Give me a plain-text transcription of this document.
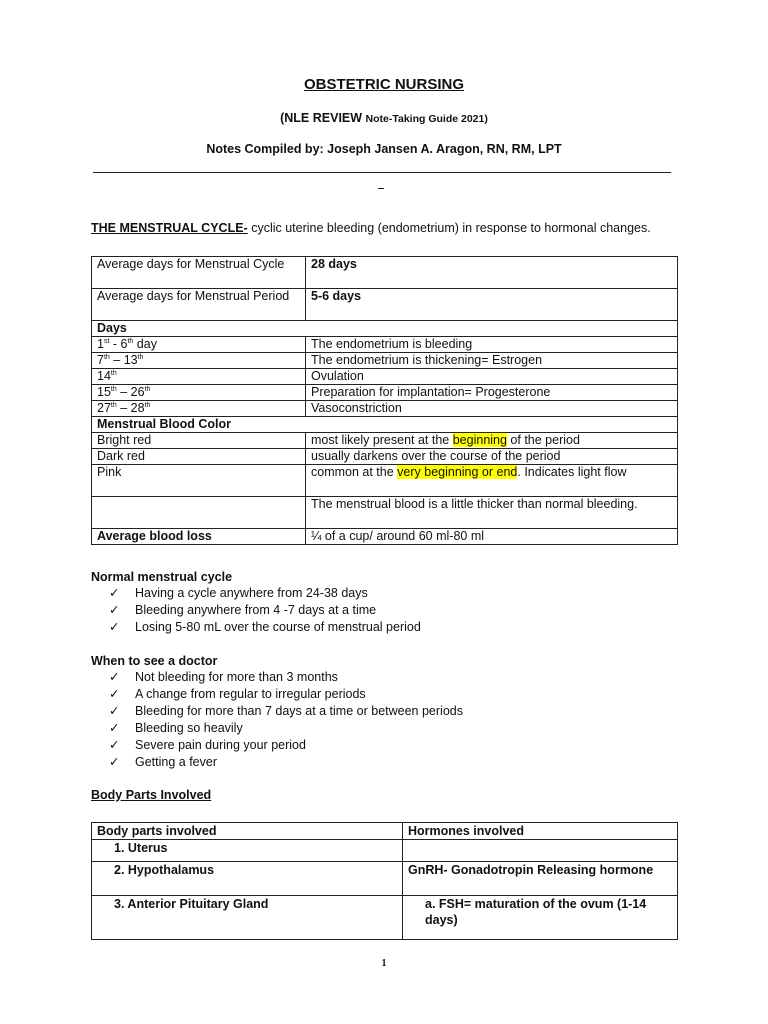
OBSTETRIC NURSING
(NLE REVIEW Note-Taking Guide 2021)
Notes Compiled by: Joseph Jansen A. Aragon, RN, RM, LPT
THE MENSTRUAL CYCLE- cyclic uterine bleeding (endometrium) in response to hormonal changes.
Average days for Menstrual Cycle	28 days
Average days for Menstrual Period	5-6 days
Days	
1st - 6th day	The endometrium is bleeding
7th – 13th	The endometrium is thickening= Estrogen
14th	Ovulation
15th – 26th	Preparation for implantation= Progesterone
27th – 28th	Vasoconstriction
Menstrual Blood Color	
Bright red	most likely present at the beginning of the period
Dark red	usually darkens over the course of the period
Pink	common at the very beginning or end. Indicates light flow
	The menstrual blood is a little thicker than normal bleeding.
Average blood loss	¼ of a cup/ around 60 ml-80 ml
Normal menstrual cycle
✓ Having a cycle anywhere from 24-38 days
✓ Bleeding anywhere from 4 -7 days at a time
✓ Losing 5-80 mL over the course of menstrual period
When to see a doctor
✓ Not bleeding for more than 3 months
✓ A change from regular to irregular periods
✓ Bleeding for more than 7 days at a time or between periods
✓ Bleeding so heavily
✓ Severe pain during your period
✓ Getting a fever
Body Parts Involved
Body parts involved	Hormones involved
1. Uterus	
2. Hypothalamus	GnRH- Gonadotropin Releasing hormone
3. Anterior Pituitary Gland	a. FSH= maturation of the ovum (1-14 days)
1
